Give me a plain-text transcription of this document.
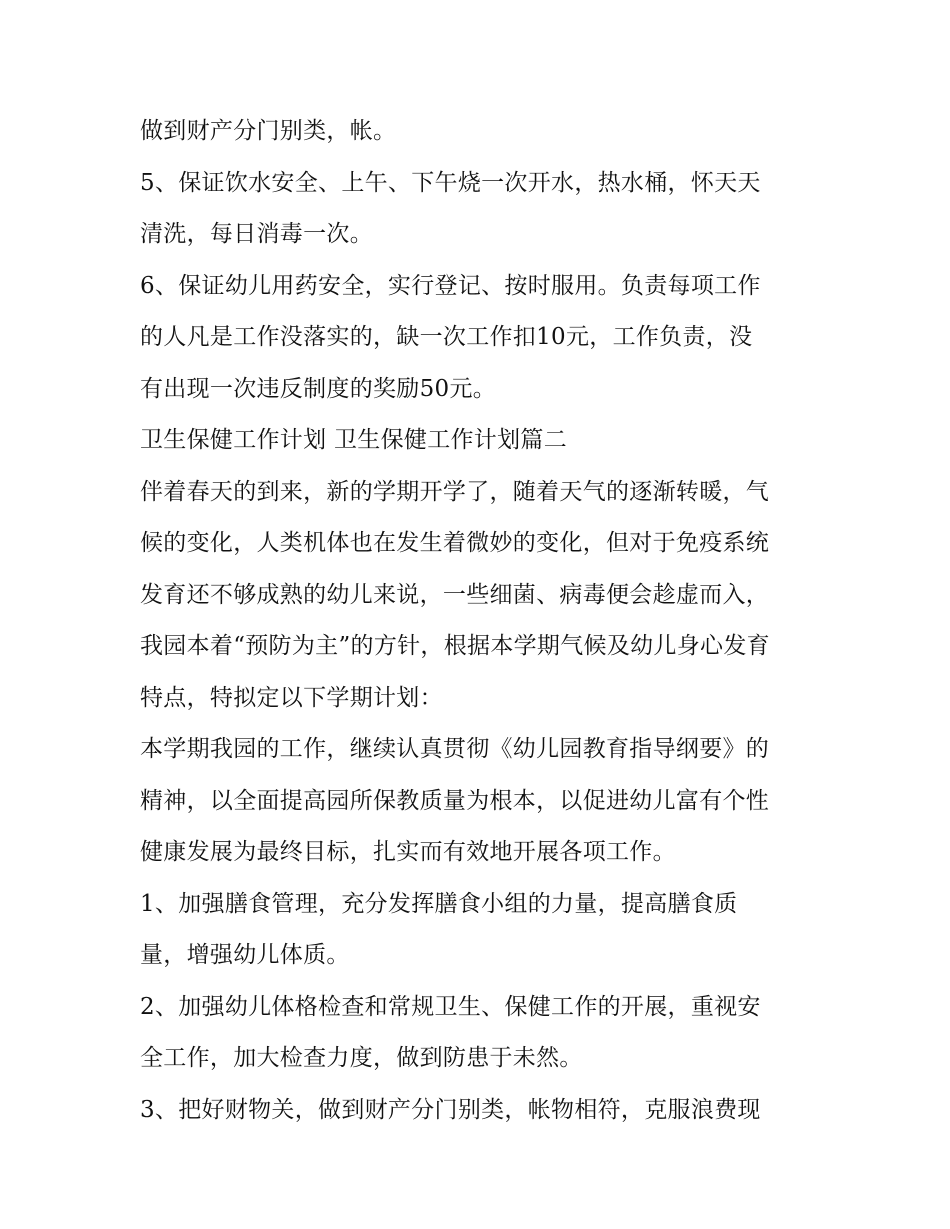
做到财产分门别类，帐。
5、保证饮水安全、上午、下午烧一次开水，热水桶，怀天天
清洗，每日消毒一次。
6、保证幼儿用药安全，实行登记、按时服用。负责每项工作
的人凡是工作没落实的，缺一次工作扣10元，工作负责，没
有出现一次违反制度的奖励50元。
卫生保健工作计划 卫生保健工作计划篇二
伴着春天的到来，新的学期开学了，随着天气的逐渐转暖，气
候的变化，人类机体也在发生着微妙的变化，但对于免疫系统
发育还不够成熟的幼儿来说，一些细菌、病毒便会趁虚而入，
我园本着“预防为主”的方针，根据本学期气候及幼儿身心发育
特点，特拟定以下学期计划：
本学期我园的工作，继续认真贯彻《幼儿园教育指导纲要》的
精神，以全面提高园所保教质量为根本，以促进幼儿富有个性
健康发展为最终目标，扎实而有效地开展各项工作。
1、加强膳食管理，充分发挥膳食小组的力量，提高膳食质
量，增强幼儿体质。
2、加强幼儿体格检查和常规卫生、保健工作的开展，重视安
全工作，加大检查力度，做到防患于未然。
3、把好财物关，做到财产分门别类，帐物相符，克服浪费现
